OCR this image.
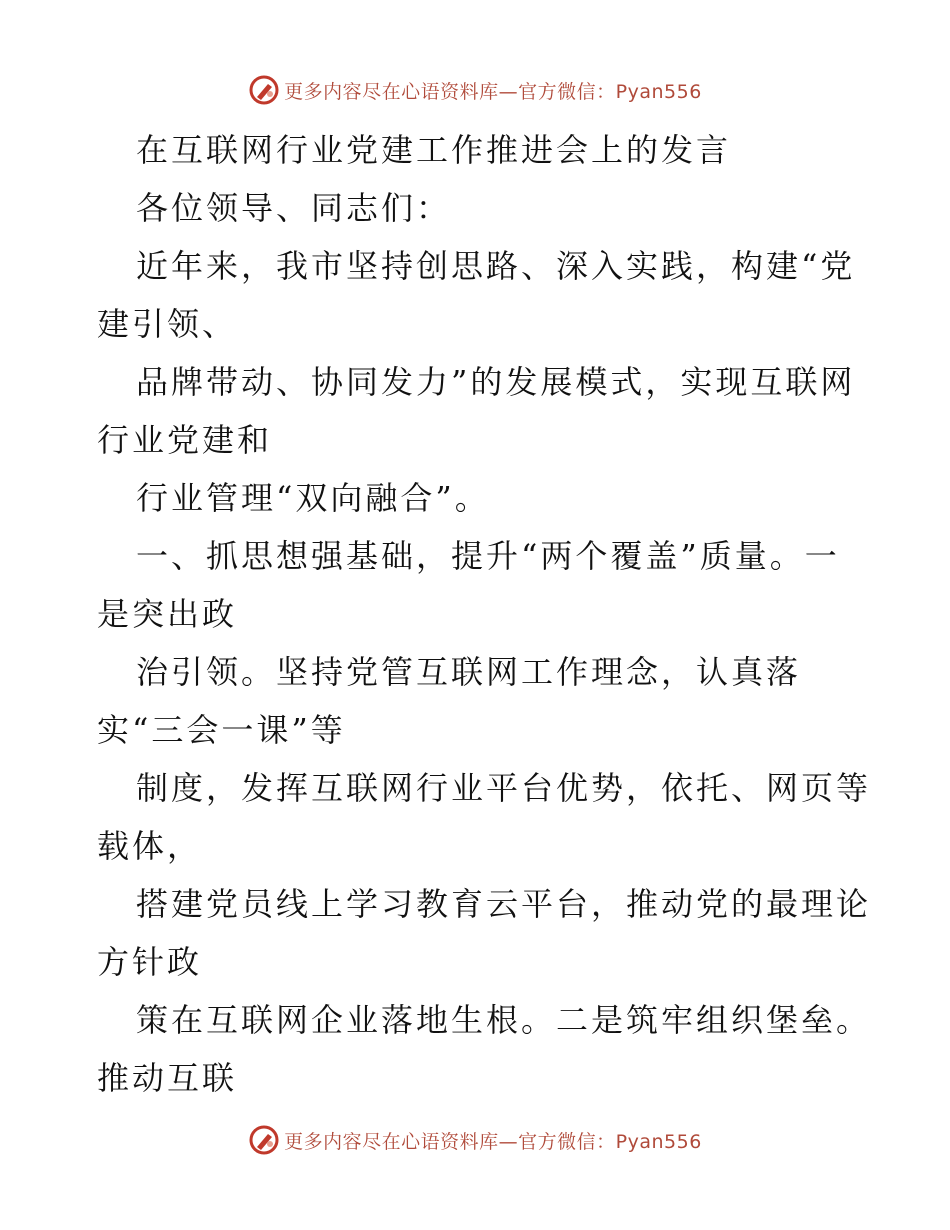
更多内容尽在心语资料库—官方微信：Pyan556
在互联网行业党建工作推进会上的发言
各位领导、同志们：
近年来，我市坚持创思路、深入实践，构建“党
建引领、
品牌带动、协同发力”的发展模式，实现互联网
行业党建和
行业管理“双向融合”。
一、抓思想强基础，提升“两个覆盖”质量。一
是突出政
治引领。坚持党管互联网工作理念，认真落
实“三会一课”等
制度，发挥互联网行业平台优势，依托、网页等
载体，
搭建党员线上学习教育云平台，推动党的最理论
方针政
策在互联网企业落地生根。二是筑牢组织堡垒。
推动互联
更多内容尽在心语资料库—官方微信：Pyan556
